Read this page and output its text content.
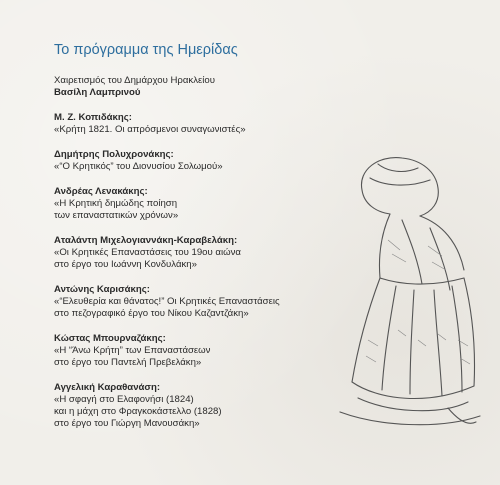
Το πρόγραμμα της Ημερίδας
Χαιρετισμός του Δημάρχου Ηρακλείου
Βασίλη Λαμπρινού
Μ. Ζ. Κοπιδάκης:
«Κρήτη 1821. Οι απρόσμενοι συναγωνιστές»
Δημήτρης Πολυχρονάκης:
«“Ο Κρητικός” του Διονυσίου Σολωμού»
Ανδρέας Λενακάκης:
«Η Κρητική δημώδης ποίηση
των επαναστατικών χρόνων»
Αταλάντη Μιχελογιαννάκη-Καραβελάκη:
«Οι Κρητικές Επαναστάσεις του 19ου αιώνα
στο έργο του Ιωάννη Κονδυλάκη»
Αντώνης Καρισάκης:
«“Ελευθερία και θάνατος!” Οι Κρητικές Επαναστάσεις
στο πεζογραφικό έργο του Νίκου Καζαντζάκη»
Κώστας Μπουρναζάκης:
«Η “Άνω Κρήτη” των Επαναστάσεων
στο έργο του Παντελή Πρεβελάκη»
Αγγελική Καραθανάση:
«Η σφαγή στο Ελαφονήσι (1824)
και η μάχη στο Φραγκοκάστελλο (1828)
στο έργο του Γιώργη Μανουσάκη»
